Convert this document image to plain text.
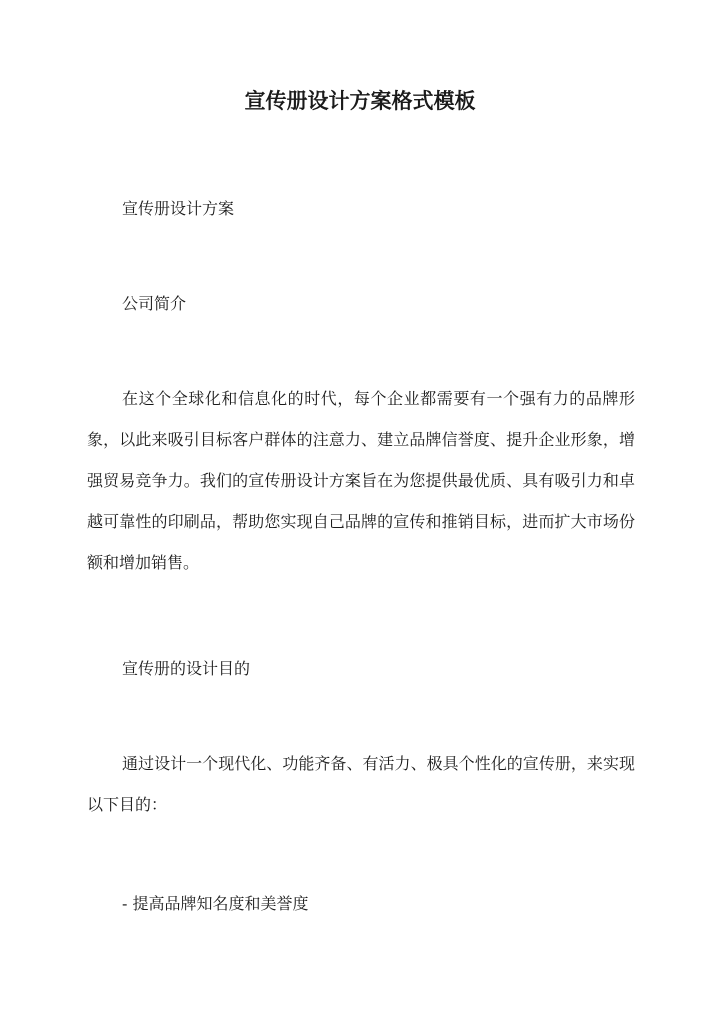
宣传册设计方案格式模板

宣传册设计方案

公司简介

在这个全球化和信息化的时代，每个企业都需要有一个强有力的品牌形象，以此来吸引目标客户群体的注意力、建立品牌信誉度、提升企业形象，增强贸易竞争力。我们的宣传册设计方案旨在为您提供最优质、具有吸引力和卓越可靠性的印刷品，帮助您实现自己品牌的宣传和推销目标，进而扩大市场份额和增加销售。

宣传册的设计目的

通过设计一个现代化、功能齐备、有活力、极具个性化的宣传册，来实现以下目的：

- 提高品牌知名度和美誉度
